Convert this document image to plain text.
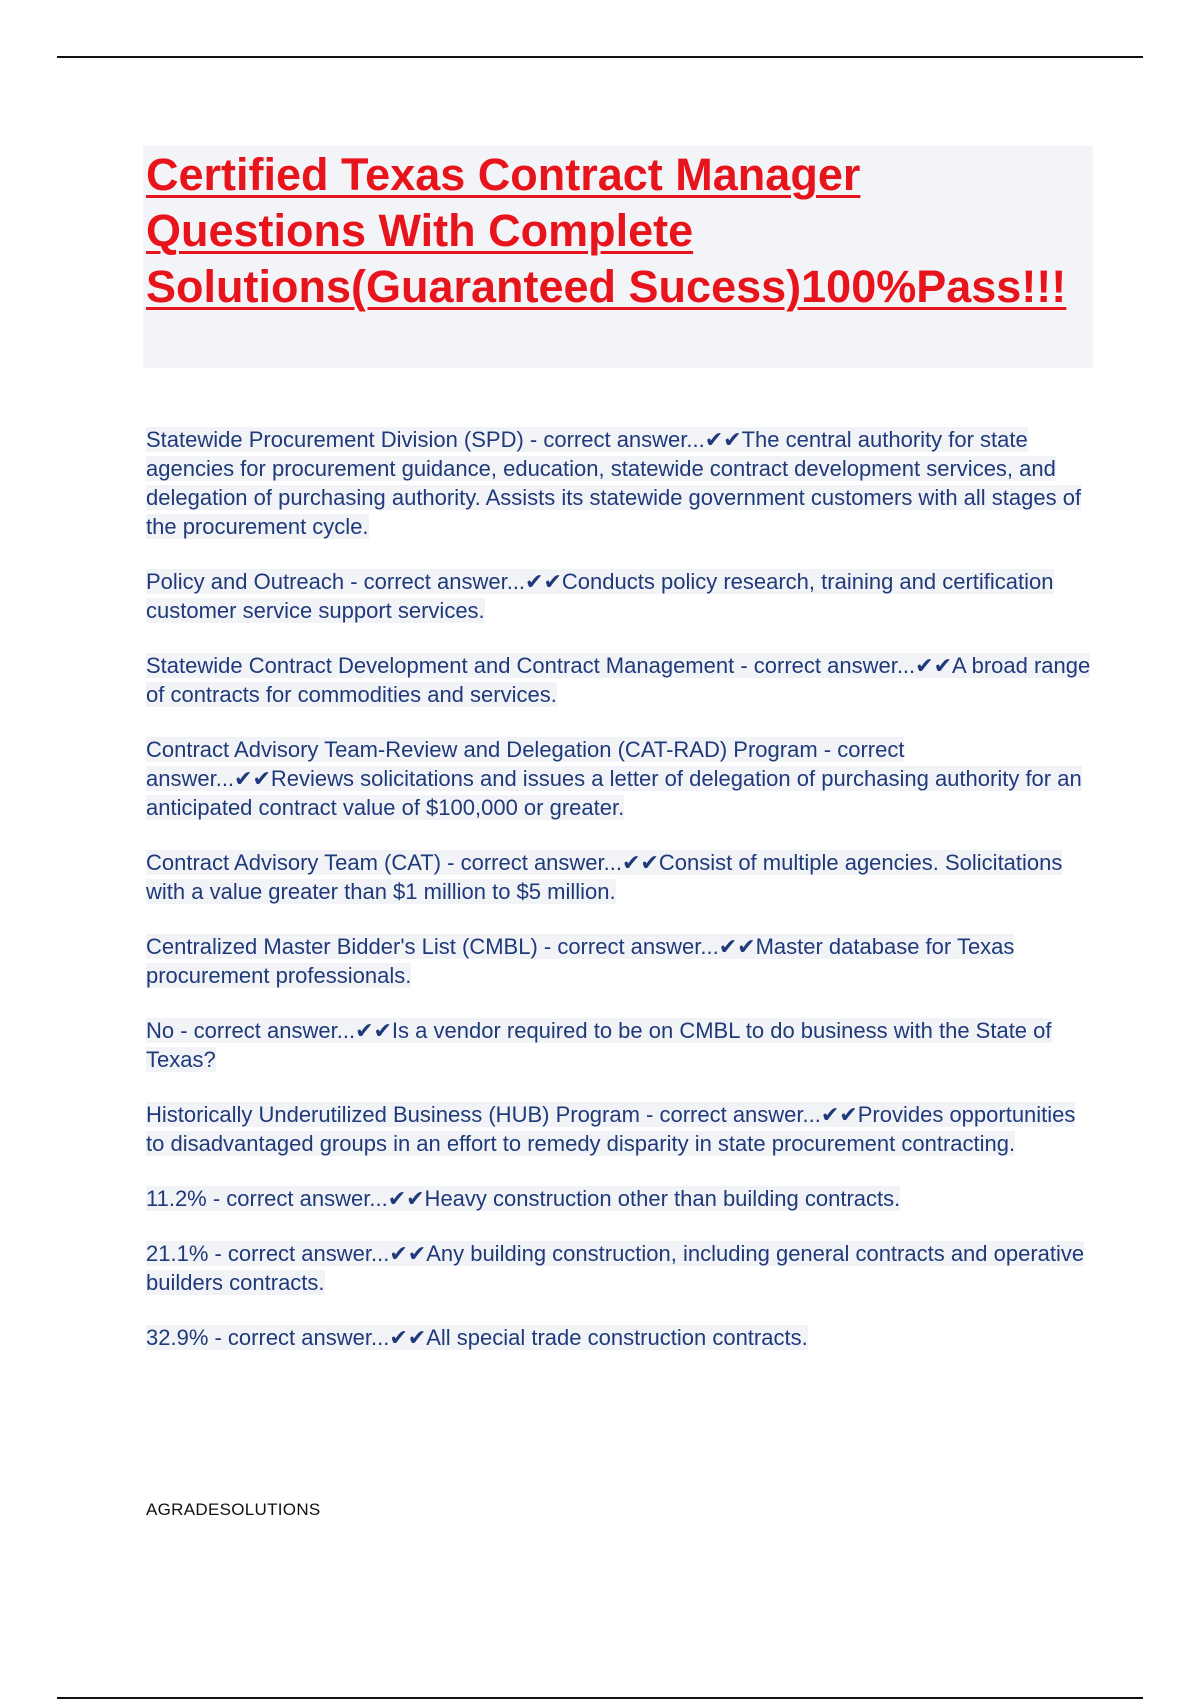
Certified Texas Contract Manager Questions With Complete Solutions(Guaranteed Sucess)100%Pass!!!

Statewide Procurement Division (SPD) - correct answer...✔✔The central authority for state agencies for procurement guidance, education, statewide contract development services, and delegation of purchasing authority. Assists its statewide government customers with all stages of the procurement cycle.

Policy and Outreach - correct answer...✔✔Conducts policy research, training and certification customer service support services.

Statewide Contract Development and Contract Management - correct answer...✔✔A broad range of contracts for commodities and services.

Contract Advisory Team-Review and Delegation (CAT-RAD) Program - correct answer...✔✔Reviews solicitations and issues a letter of delegation of purchasing authority for an anticipated contract value of $100,000 or greater.

Contract Advisory Team (CAT) - correct answer...✔✔Consist of multiple agencies. Solicitations with a value greater than $1 million to $5 million.

Centralized Master Bidder's List (CMBL) - correct answer...✔✔Master database for Texas procurement professionals.

No - correct answer...✔✔Is a vendor required to be on CMBL to do business with the State of Texas?

Historically Underutilized Business (HUB) Program - correct answer...✔✔Provides opportunities to disadvantaged groups in an effort to remedy disparity in state procurement contracting.

11.2% - correct answer...✔✔Heavy construction other than building contracts.

21.1% - correct answer...✔✔Any building construction, including general contracts and operative builders contracts.

32.9% - correct answer...✔✔All special trade construction contracts.

AGRADESOLUTIONS
